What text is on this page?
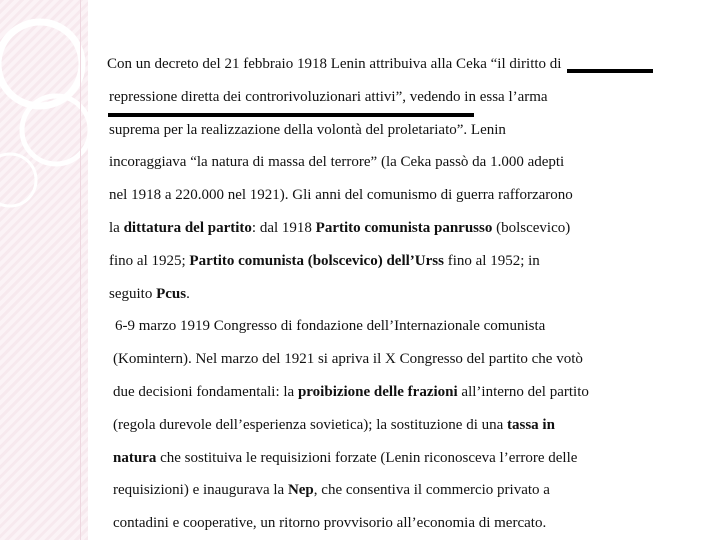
Con un decreto del 21 febbraio 1918 Lenin attribuiva alla Ceka “il diritto di

repressione diretta dei controrivoluzionari attivi”, vedendo in essa l’arma

suprema per la realizzazione della volontà del proletariato”. Lenin

incoraggiava “la natura di massa del terrore” (la Ceka passò da 1.000 adepti

nel 1918 a 220.000 nel 1921). Gli anni del comunismo di guerra rafforzarono

la dittatura del partito: dal 1918 Partito comunista panrusso (bolscevico)

fino al 1925; Partito comunista (bolscevico) dell’Urss fino al 1952; in

seguito Pcus.

6-9 marzo 1919 Congresso di fondazione dell’Internazionale comunista

(Komintern). Nel marzo del 1921 si apriva il X Congresso del partito che votò

due decisioni fondamentali: la proibizione delle frazioni all’interno del partito

(regola durevole dell’esperienza sovietica); la sostituzione di una tassa in

natura che sostituiva le requisizioni forzate (Lenin riconosceva l’errore delle

requisizioni) e inaugurava la Nep, che consentiva il commercio privato a

contadini e cooperative, un ritorno provvisorio all’economia di mercato.
